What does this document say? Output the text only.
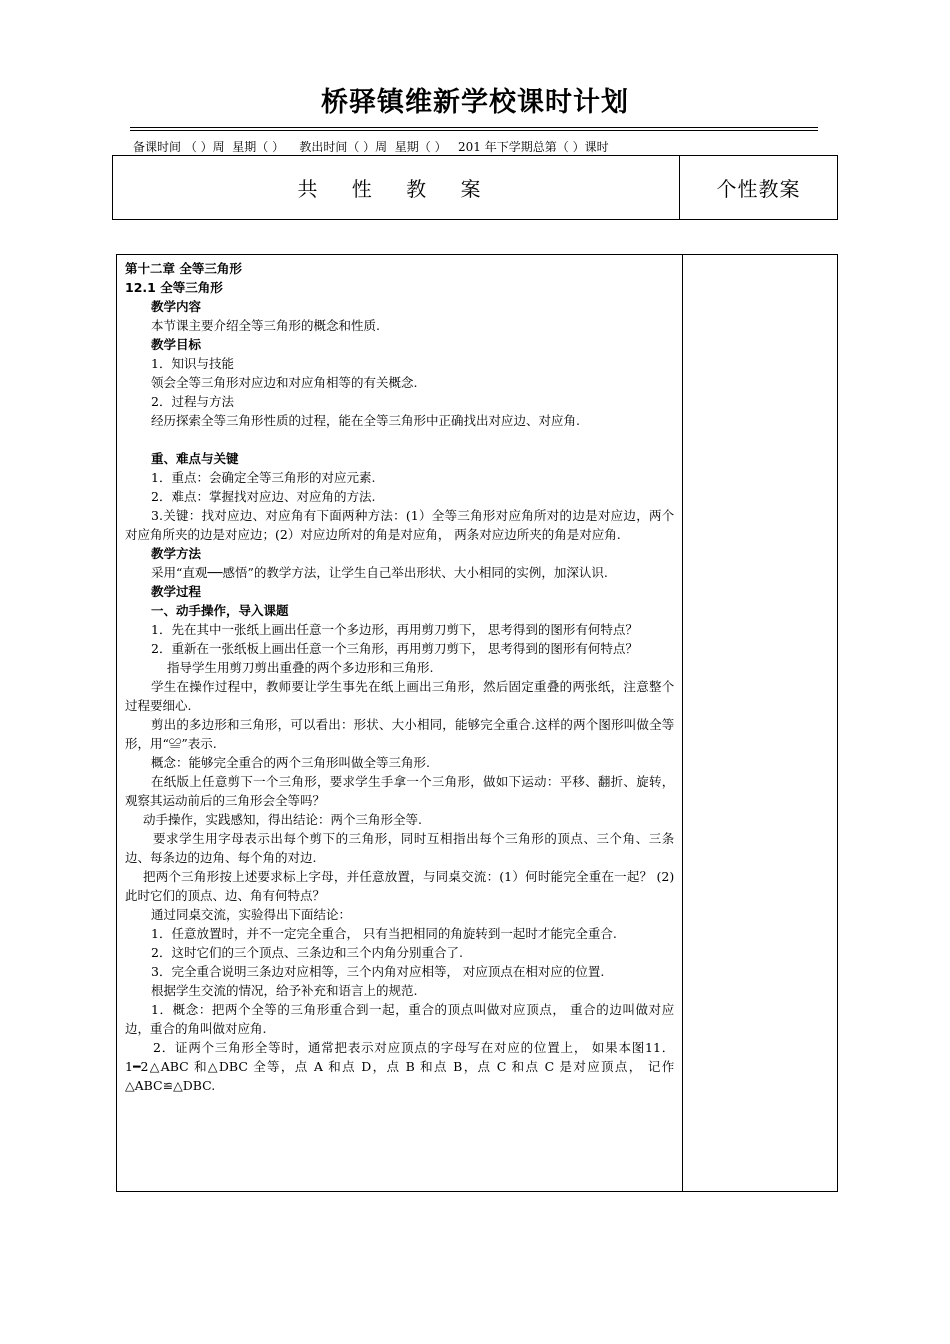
桥驿镇维新学校课时计划
备课时间 （ ）周  星期（ ）    教出时间（ ）周  星期（ ）   201 年下学期总第（ ）课时
共 性 教 案	个性教案

第十二章 全等三角形

12.1 全等三角形

教学内容

本节课主要介绍全等三角形的概念和性质.

教学目标

1．知识与技能

领会全等三角形对应边和对应角相等的有关概念.

2．过程与方法

经历探索全等三角形性质的过程，能在全等三角形中正确找出对应边、对应角.

重、难点与关键

1．重点：会确定全等三角形的对应元素.

2．难点：掌握找对应边、对应角的方法.

3.关键：找对应边、对应角有下面两种方法：(1）全等三角形对应角所对的边是对应边，两个对应角所夹的边是对应边；(2）对应边所对的角是对应角， 两条对应边所夹的角是对应角.

教学方法

采用“直观──感悟”的教学方法，让学生自己举出形状、大小相同的实例，加深认识.

教学过程

一、动手操作，导入课题

1．先在其中一张纸上画出任意一个多边形，再用剪刀剪下， 思考得到的图形有何特点？

2．重新在一张纸板上画出任意一个三角形，再用剪刀剪下， 思考得到的图形有何特点？

指导学生用剪刀剪出重叠的两个多边形和三角形.

学生在操作过程中，教师要让学生事先在纸上画出三角形，然后固定重叠的两张纸，注意整个过程要细心.

剪出的多边形和三角形，可以看出：形状、大小相同，能够完全重合.这样的两个图形叫做全等形，用“≌”表示.

概念：能够完全重合的两个三角形叫做全等三角形.

在纸版上任意剪下一个三角形，要求学生手拿一个三角形，做如下运动：平移、翻折、旋转，观察其运动前后的三角形会全等吗？

动手操作，实践感知，得出结论：两个三角形全等.

要求学生用字母表示出每个剪下的三角形，同时互相指出每个三角形的顶点、三个角、三条边、每条边的边角、每个角的对边.

把两个三角形按上述要求标上字母，并任意放置，与同桌交流：(1）何时能完全重在一起？ (2) 此时它们的顶点、边、角有何特点？

通过同桌交流，实验得出下面结论：

1．任意放置时，并不一定完全重合， 只有当把相同的角旋转到一起时才能完全重合.

2．这时它们的三个顶点、三条边和三个内角分别重合了.

3．完全重合说明三条边对应相等，三个内角对应相等， 对应顶点在相对应的位置.

根据学生交流的情况，给予补充和语言上的规范.

1．概念：把两个全等的三角形重合到一起，重合的顶点叫做对应顶点， 重合的边叫做对应边，重合的角叫做对应角.

2．证两个三角形全等时，通常把表示对应顶点的字母写在对应的位置上， 如果本图11．1━2△ABC 和△DBC 全等，点 A 和点 D，点 B 和点 B，点 C 和点 C 是对应顶点， 记作△ABC≌△DBC.
